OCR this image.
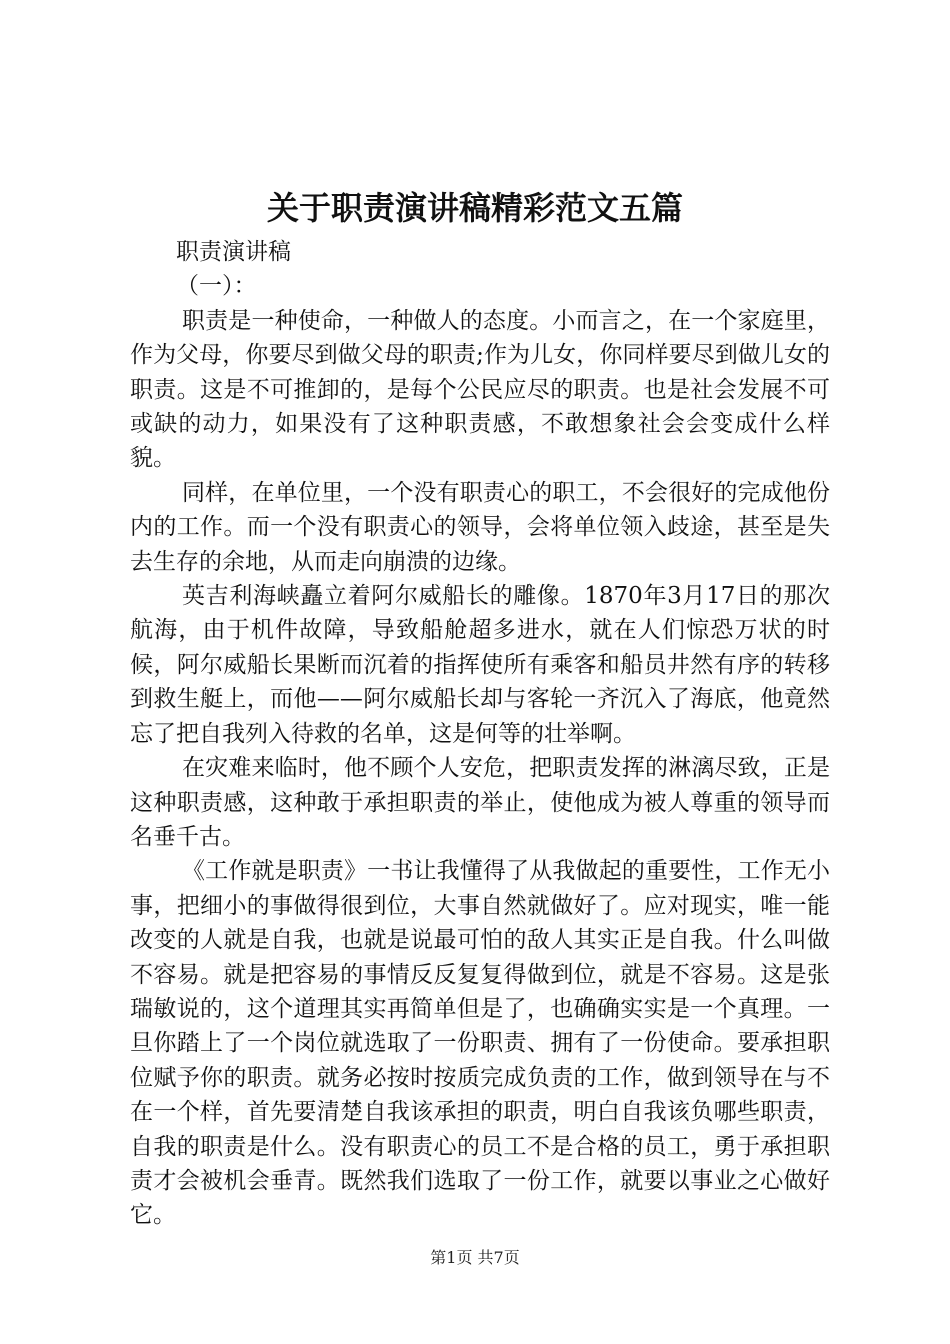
关于职责演讲稿精彩范文五篇

职责演讲稿

（一）：

职责是一种使命，一种做人的态度。小而言之，在一个家庭里，作为父母，你要尽到做父母的职责;作为儿女，你同样要尽到做儿女的职责。这是不可推卸的，是每个公民应尽的职责。也是社会发展不可或缺的动力，如果没有了这种职责感，不敢想象社会会变成什么样貌。

同样，在单位里，一个没有职责心的职工，不会很好的完成他份内的工作。而一个没有职责心的领导，会将单位领入歧途，甚至是失去生存的余地，从而走向崩溃的边缘。

英吉利海峡矗立着阿尔威船长的雕像。1870年3月17日的那次航海，由于机件故障，导致船舱超多进水，就在人们惊恐万状的时候，阿尔威船长果断而沉着的指挥使所有乘客和船员井然有序的转移到救生艇上，而他——阿尔威船长却与客轮一齐沉入了海底，他竟然忘了把自我列入待救的名单，这是何等的壮举啊。

在灾难来临时，他不顾个人安危，把职责发挥的淋漓尽致，正是这种职责感，这种敢于承担职责的举止，使他成为被人尊重的领导而名垂千古。

《工作就是职责》一书让我懂得了从我做起的重要性，工作无小事，把细小的事做得很到位，大事自然就做好了。应对现实，唯一能改变的人就是自我，也就是说最可怕的敌人其实正是自我。什么叫做不容易。就是把容易的事情反反复复得做到位，就是不容易。这是张瑞敏说的，这个道理其实再简单但是了，也确确实实是一个真理。一旦你踏上了一个岗位就选取了一份职责、拥有了一份使命。要承担职位赋予你的职责。就务必按时按质完成负责的工作，做到领导在与不在一个样，首先要清楚自我该承担的职责，明白自我该负哪些职责，自我的职责是什么。没有职责心的员工不是合格的员工，勇于承担职责才会被机会垂青。既然我们选取了一份工作，就要以事业之心做好它。

第1页 共7页
